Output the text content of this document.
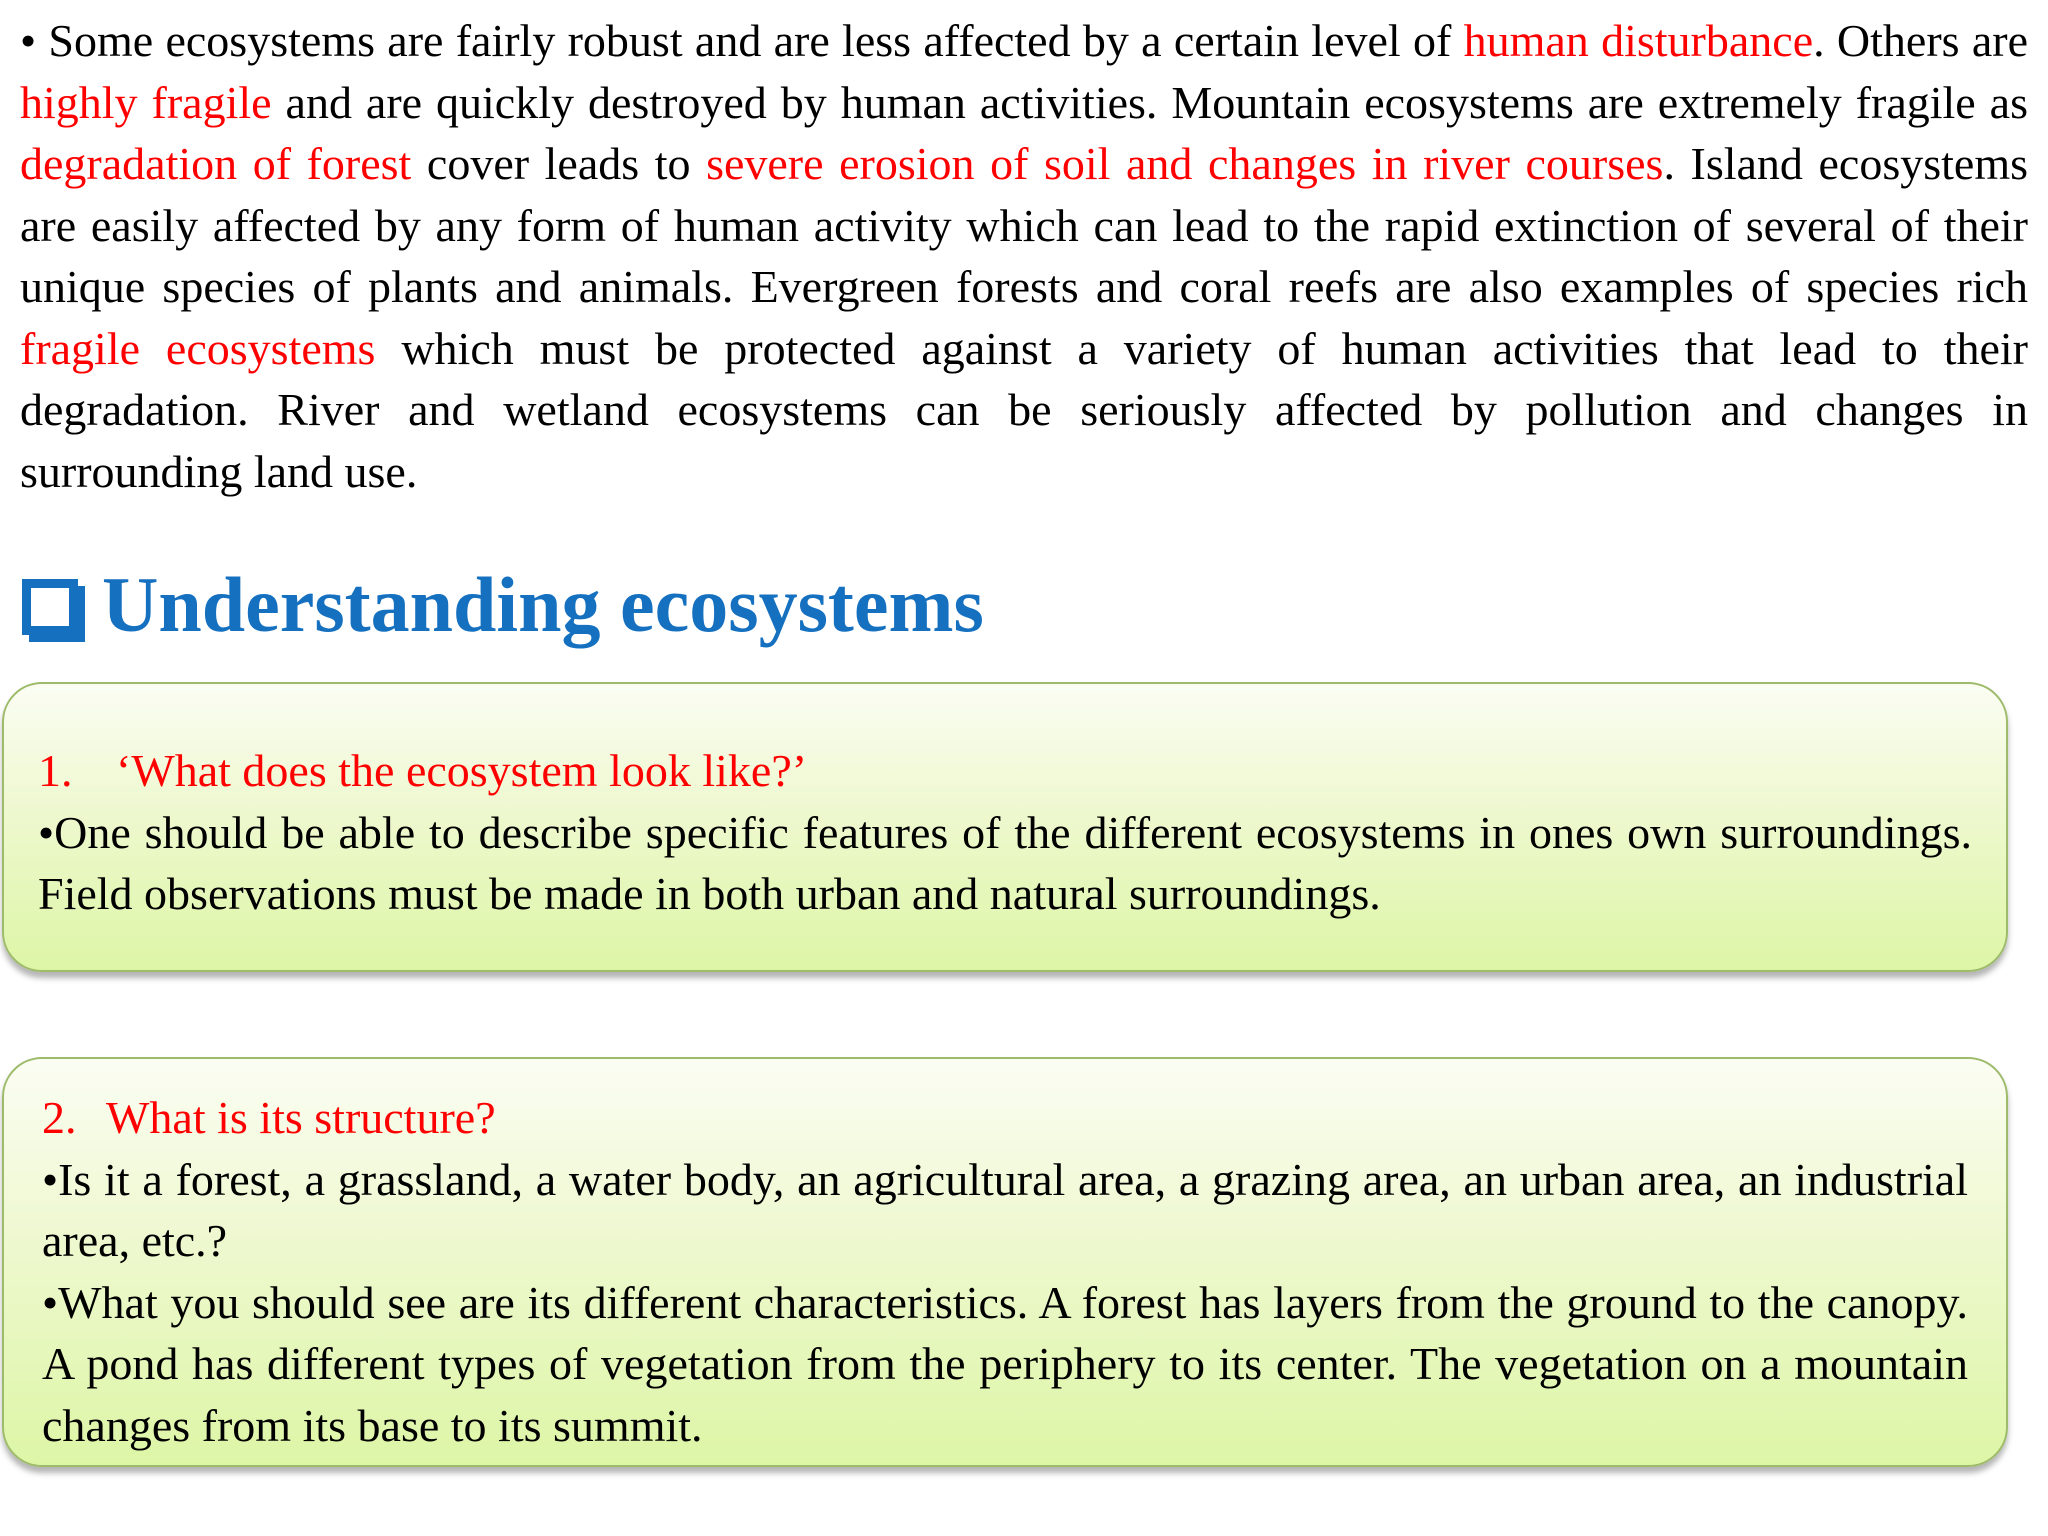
• Some ecosystems are fairly robust and are less affected by a certain level of human disturbance. Others are highly fragile and are quickly destroyed by human activities. Mountain ecosystems are extremely fragile as degradation of forest cover leads to severe erosion of soil and changes in river courses. Island ecosystems are easily affected by any form of human activity which can lead to the rapid extinction of several of their unique species of plants and animals. Evergreen forests and coral reefs are also examples of species rich fragile ecosystems which must be protected against a variety of human activities that lead to their degradation. River and wetland ecosystems can be seriously affected by pollution and changes in surrounding land use.

Understanding ecosystems

1. ‘What does the ecosystem look like?’

•One should be able to describe specific features of the different ecosystems in ones own surroundings. Field observations must be made in both urban and natural surroundings.

2. What is its structure?

•Is it a forest, a grassland, a water body, an agricultural area, a grazing area, an urban area, an industrial area, etc.?

•What you should see are its different characteristics. A forest has layers from the ground to the canopy. A pond has different types of vegetation from the periphery to its center. The vegetation on a mountain changes from its base to its summit.
